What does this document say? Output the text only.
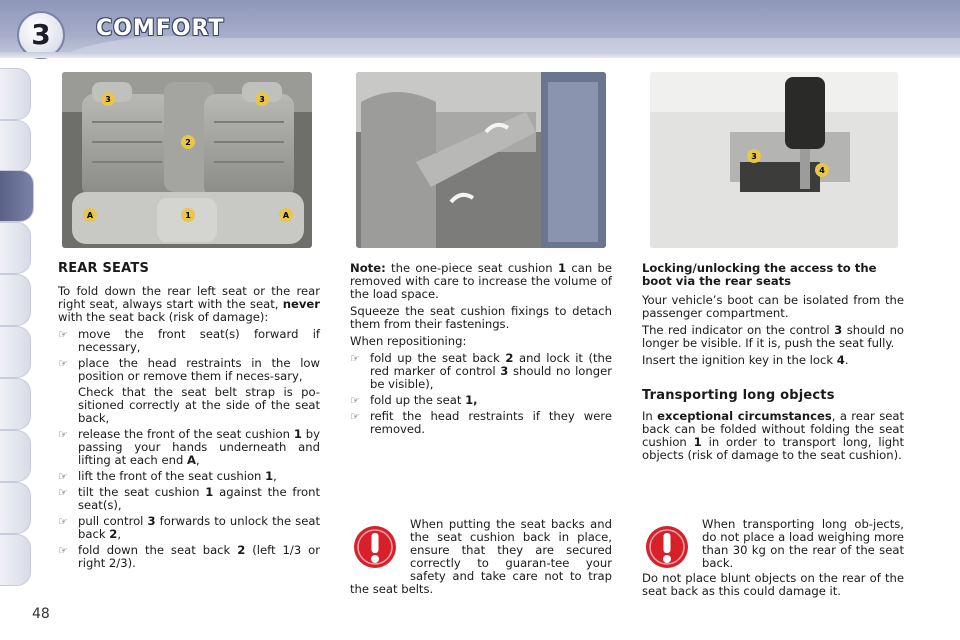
3	COMFORT
3	3
2
A	1	A
3
4
REAR SEATS

To fold down the rear left seat or the rear right seat, always start with the seat, never with the seat back (risk of damage):

☞ move the front seat(s) forward if necessary,
☞ place the head restraints in the low position or remove them if neces-sary,
Check that the seat belt strap is po-sitioned correctly at the side of the seat back,
☞ release the front of the seat cushion 1 by passing your hands underneath and lifting at each end A,
☞ lift the front of the seat cushion 1,
☞ tilt the seat cushion 1 against the front seat(s),
☞ pull control 3 forwards to unlock the seat back 2,
☞ fold down the seat back 2 (left 1/3 or right 2/3).

Note: the one-piece seat cushion 1 can be removed with care to increase the volume of the load space.

Squeeze the seat cushion fixings to detach them from their fastenings.

When repositioning:

☞ fold up the seat back 2 and lock it (the red marker of control 3 should no longer be visible),
☞ fold up the seat 1,
☞ refit the head restraints if they were removed.
When putting the seat backs and the seat cushion back in place, ensure that they are secured correctly to guaran-tee your safety and take care not to trap the seat belts.
Locking/unlocking the access to the boot via the rear seats

Your vehicle’s boot can be isolated from the passenger compartment.

The red indicator on the control 3 should no longer be visible. If it is, push the seat fully.

Insert the ignition key in the lock 4.

Transporting long objects

In exceptional circumstances, a rear seat back can be folded without folding the seat cushion 1 in order to transport long, light objects (risk of damage to the seat cushion).

When transporting long ob-jects, do not place a load weighing more than 30 kg on the rear of the seat back.
Do not place blunt objects on the rear of the seat back as this could damage it.
48
